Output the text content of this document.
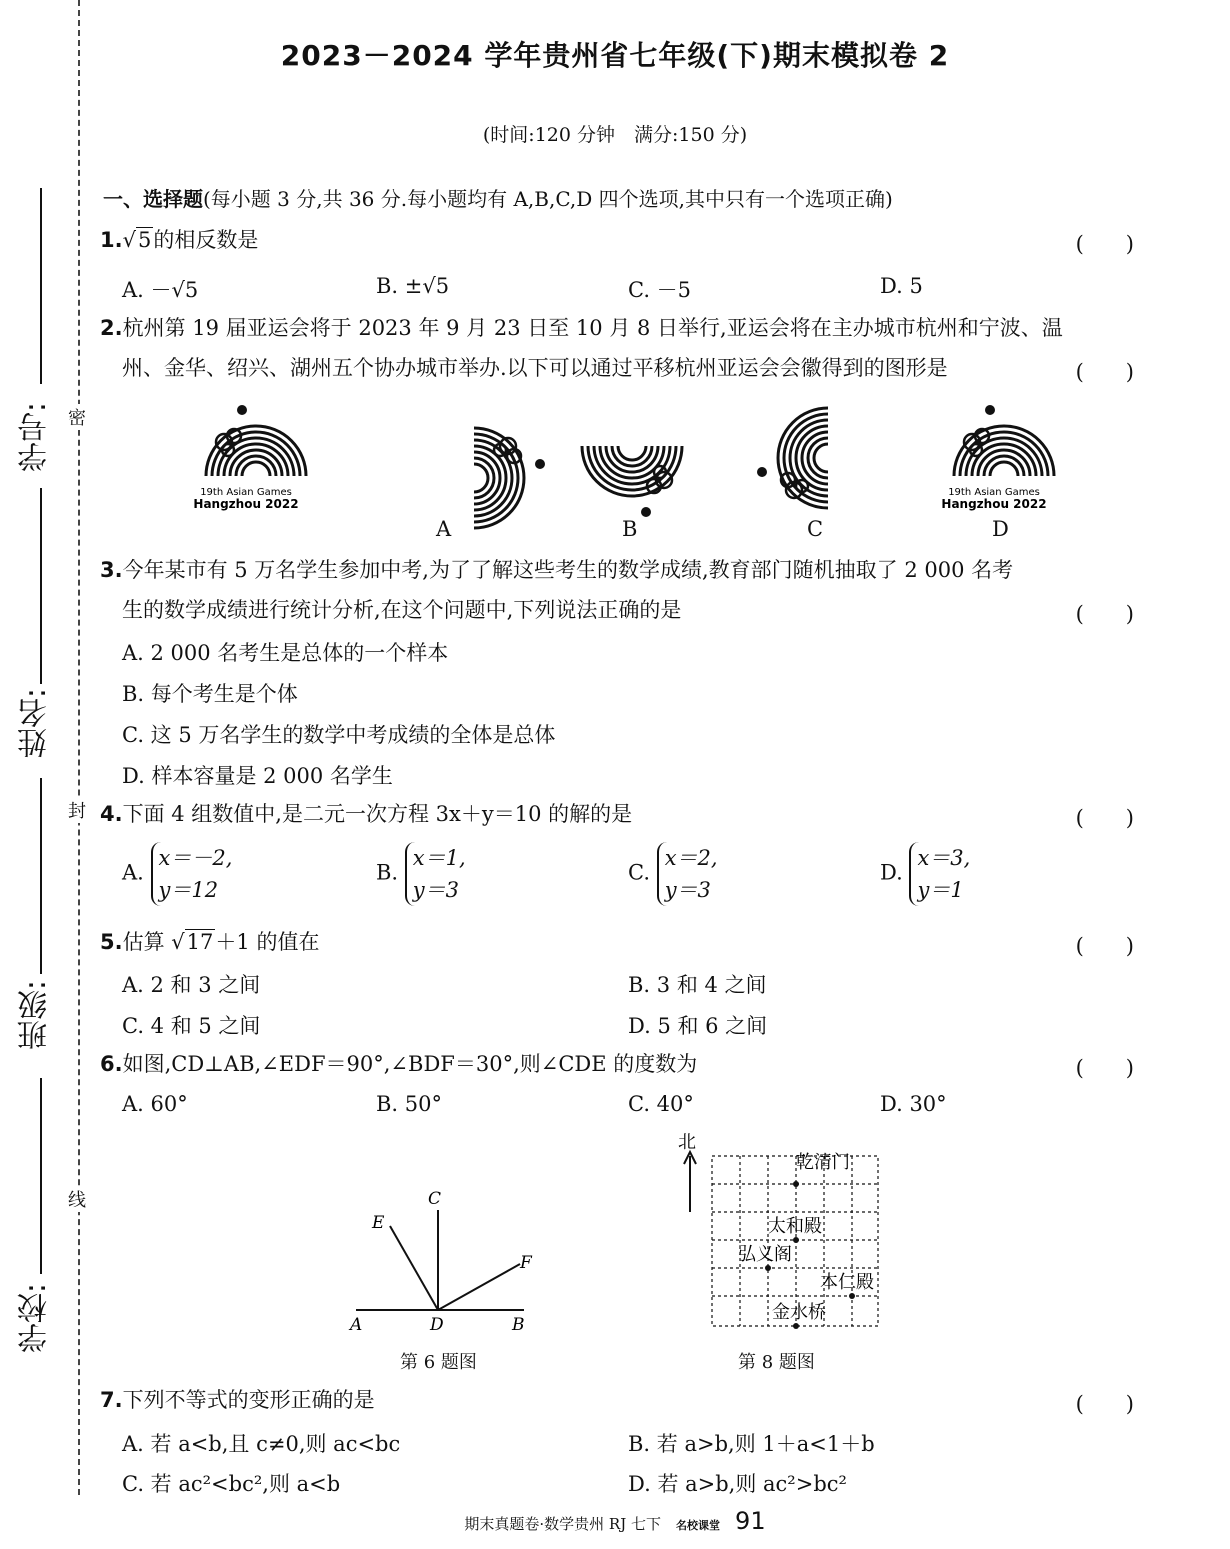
密
封
线
学号:
姓名:
班级:
学校:
2023－2024 学年贵州省七年级(下)期末模拟卷 2
(时间:120 分钟　满分:150 分)
一、选择题(每小题 3 分,共 36 分.每小题均有 A,B,C,D 四个选项,其中只有一个选项正确)
1.√5的相反数是	(　　)
A. －√5	B. ±√5	C. －5	D. 5
2.杭州第 19 届亚运会将于 2023 年 9 月 23 日至 10 月 8 日举行,亚运会将在主办城市杭州和宁波、温
州、金华、绍兴、湖州五个协办城市举办.以下可以通过平移杭州亚运会会徽得到的图形是	(　　)
19th Asian Games
Hangzhou 2022
19th Asian Games
Hangzhou 2022
A	B	C	D
3.今年某市有 5 万名学生参加中考,为了了解这些考生的数学成绩,教育部门随机抽取了 2 000 名考
生的数学成绩进行统计分析,在这个问题中,下列说法正确的是	(　　)
A. 2 000 名考生是总体的一个样本
B. 每个考生是个体
C. 这 5 万名学生的数学中考成绩的全体是总体
D. 样本容量是 2 000 名学生
4.下面 4 组数值中,是二元一次方程 3x＋y＝10 的解的是	(　　)
A. x＝－2,
y＝12
B. x＝1,
y＝3
C. x＝2,
y＝3
D. x＝3,
y＝1
5.估算 √17＋1 的值在	(　　)
A. 2 和 3 之间	B. 3 和 4 之间
C. 4 和 5 之间	D. 5 和 6 之间
6.如图,CD⊥AB,∠EDF＝90°,∠BDF＝30°,则∠CDE 的度数为	(　　)
A. 60°	B. 50°	C. 40°	D. 30°
A	D	B
C
E
F
第 6 题图
北
乾清门
太和殿
弘义阁
本仁殿
金水桥
第 8 题图
7.下列不等式的变形正确的是	(　　)
A. 若 a<b,且 c≠0,则 ac<bc	B. 若 a>b,则 1＋a<1＋b
C. 若 ac²<bc²,则 a<b	D. 若 a>b,则 ac²>bc²
期末真题卷·数学贵州 RJ 七下　 名校课堂　 91
